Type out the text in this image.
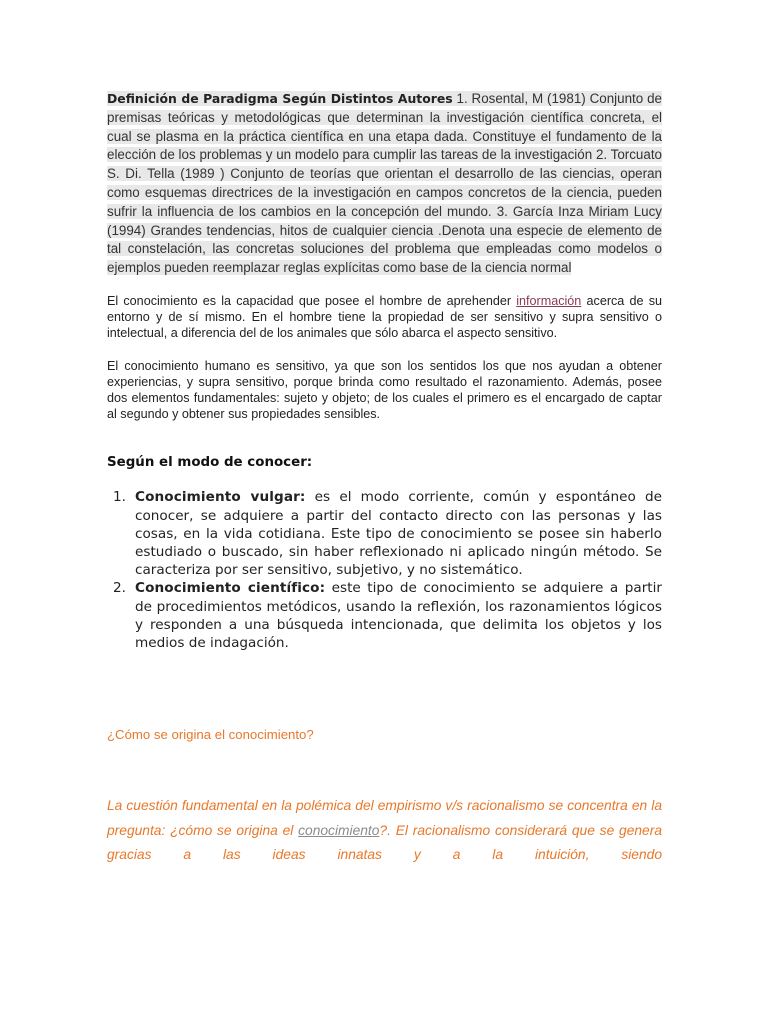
Definición de Paradigma Según Distintos Autores 1. Rosental, M (1981) Conjunto de premisas teóricas y metodológicas que determinan la investigación científica concreta, el cual se plasma en la práctica científica en una etapa dada. Constituye el fundamento de la elección de los problemas y un modelo para cumplir las tareas de la investigación 2. Torcuato S. Di. Tella (1989 ) Conjunto de teorías que orientan el desarrollo de las ciencias, operan como esquemas directrices de la investigación en campos concretos de la ciencia, pueden sufrir la influencia de los cambios en la concepción del mundo. 3. García Inza Miriam Lucy (1994) Grandes tendencias, hitos de cualquier ciencia .Denota una especie de elemento de tal constelación, las concretas soluciones del problema que empleadas como modelos o ejemplos pueden reemplazar reglas explícitas como base de la ciencia normal
El conocimiento es la capacidad que posee el hombre de aprehender información acerca de su entorno y de sí mismo. En el hombre tiene la propiedad de ser sensitivo y supra sensitivo o intelectual, a diferencia del de los animales que sólo abarca el aspecto sensitivo.
El conocimiento humano es sensitivo, ya que son los sentidos los que nos ayudan a obtener experiencias, y supra sensitivo, porque brinda como resultado el razonamiento. Además, posee dos elementos fundamentales: sujeto y objeto; de los cuales el primero es el encargado de captar al segundo y obtener sus propiedades sensibles.
Según el modo de conocer:
1. Conocimiento vulgar: es el modo corriente, común y espontáneo de conocer, se adquiere a partir del contacto directo con las personas y las cosas, en la vida cotidiana. Este tipo de conocimiento se posee sin haberlo estudiado o buscado, sin haber reflexionado ni aplicado ningún método. Se caracteriza por ser sensitivo, subjetivo, y no sistemático.
2. Conocimiento científico: este tipo de conocimiento se adquiere a partir de procedimientos metódicos, usando la reflexión, los razonamientos lógicos y responden a una búsqueda intencionada, que delimita los objetos y los medios de indagación.
¿Cómo se origina el conocimiento?
La cuestión fundamental en la polémica del empirismo v/s racionalismo se concentra en la pregunta: ¿cómo se origina el conocimiento?. El racionalismo considerará que se genera gracias a las ideas innatas y a la intuición, siendo
